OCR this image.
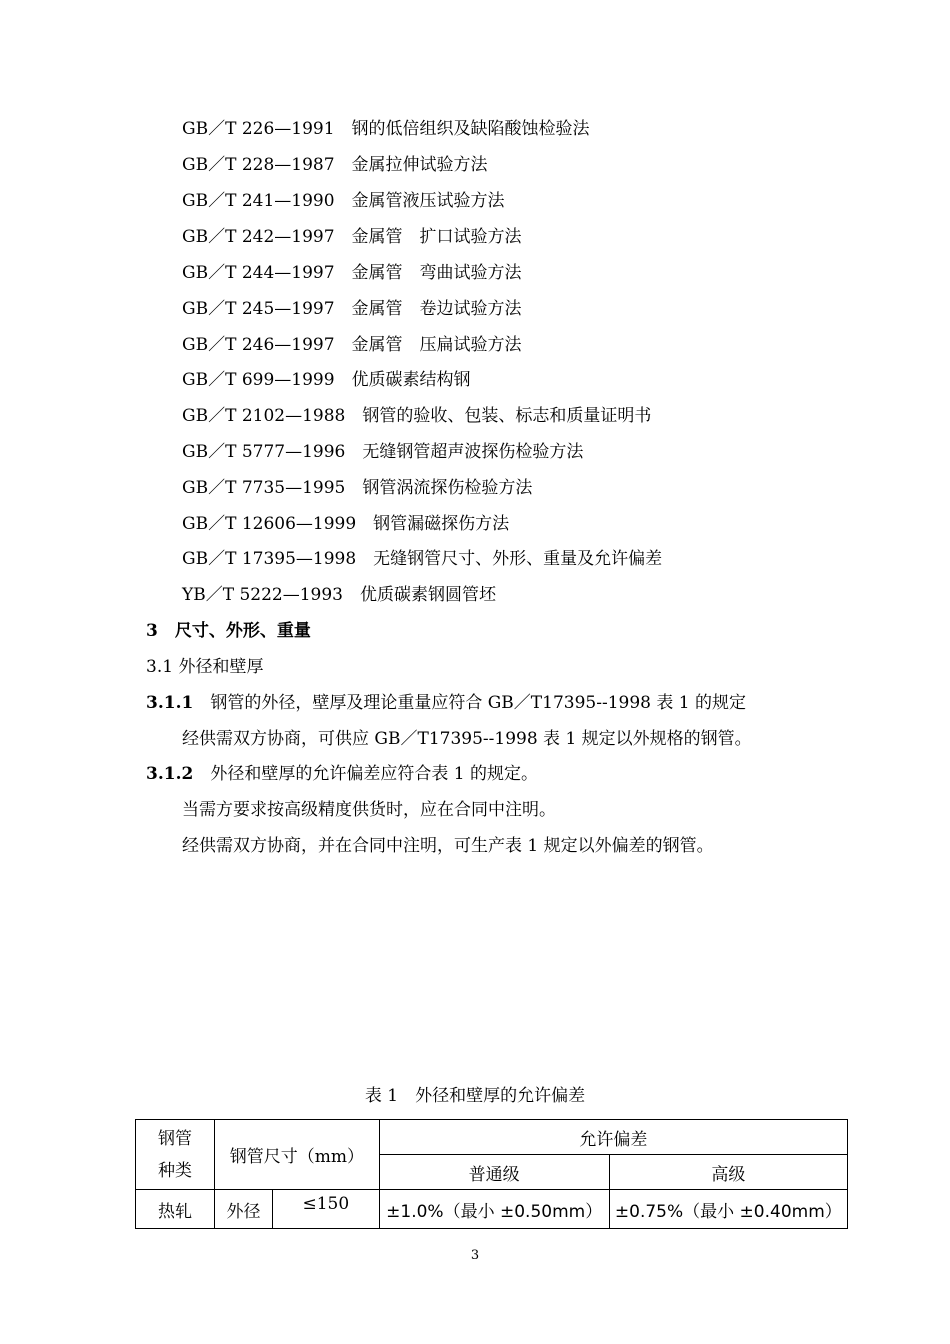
GB／T 226—1991　 钢的低倍组织及缺陷酸蚀检验法
GB／T 228—1987　 金属拉伸试验方法
GB／T 241—1990　 金属管液压试验方法
GB／T 242—1997　 金属管　扩口试验方法
GB／T 244—1997　 金属管　弯曲试验方法
GB／T 245—1997　 金属管　卷边试验方法
GB／T 246—1997　 金属管　压扁试验方法
GB／T 699—1999　 优质碳素结构钢
GB／T 2102—1988　 钢管的验收、包装、标志和质量证明书
GB／T 5777—1996　 无缝钢管超声波探伤检验方法
GB／T 7735—1995　 钢管涡流探伤检验方法
GB／T 12606—1999　 钢管漏磁探伤方法
GB／T 17395—1998　 无缝钢管尺寸、外形、重量及允许偏差
YB／T 5222—1993　 优质碳素钢圆管坯
3　 尺寸、外形、重量
3.1 外径和壁厚
3.1.1　 钢管的外径，壁厚及理论重量应符合 GB／T17395--1998 表 1 的规定
经供需双方协商，可供应 GB／T17395--1998 表 1 规定以外规格的钢管。
3.1.2　 外径和壁厚的允许偏差应符合表 1 的规定。
当需方要求按高级精度供货时，应在合同中注明。
经供需双方协商，并在合同中注明，可生产表 1 规定以外偏差的钢管。
表 1　外径和壁厚的允许偏差
钢管
种类	钢管尺寸（mm）		允许偏差	
			普通级	高级
热轧	外径	≤150	±1.0%（最小 ±0.50mm）	±0.75%（最小 ±0.40mm）
3
